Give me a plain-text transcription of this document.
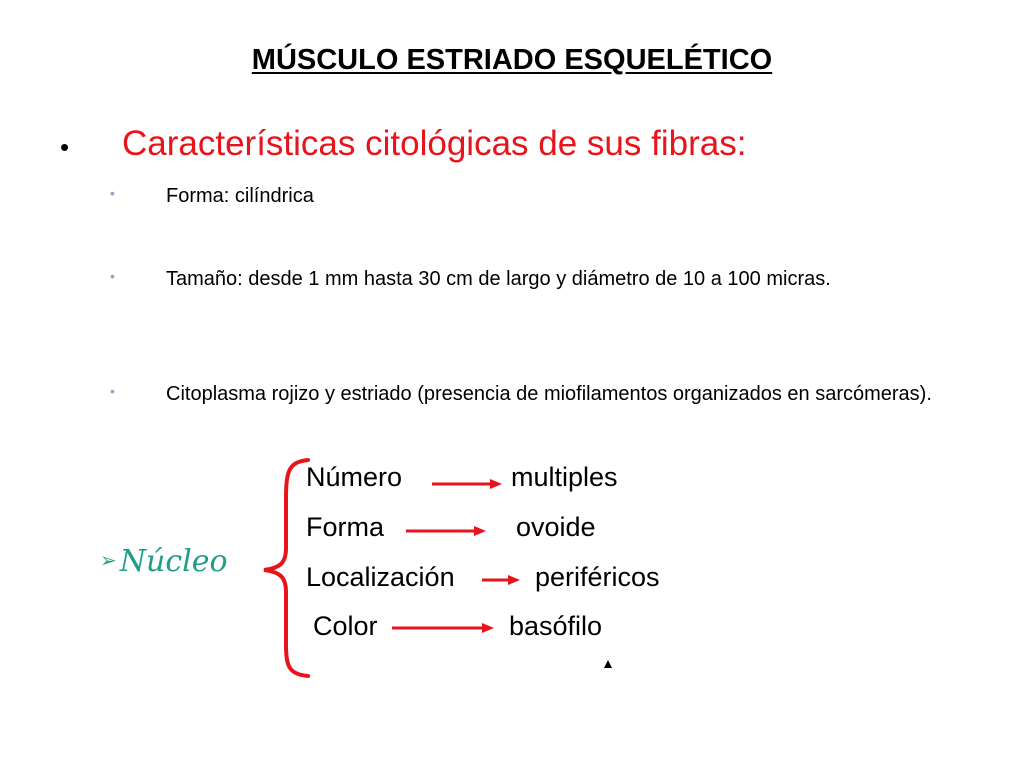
MÚSCULO ESTRIADO ESQUELÉTICO
• Características citológicas de sus fibras:
•	Forma: cilíndrica
•	Tamaño: desde 1 mm hasta 30 cm de largo y diámetro de 10 a 100 micras.
•	Citoplasma rojizo y estriado (presencia de miofilamentos organizados en sarcómeras).
➢ Núcleo
Número	multiples
Forma	ovoide
Localización	periféricos
Color	basófilo
